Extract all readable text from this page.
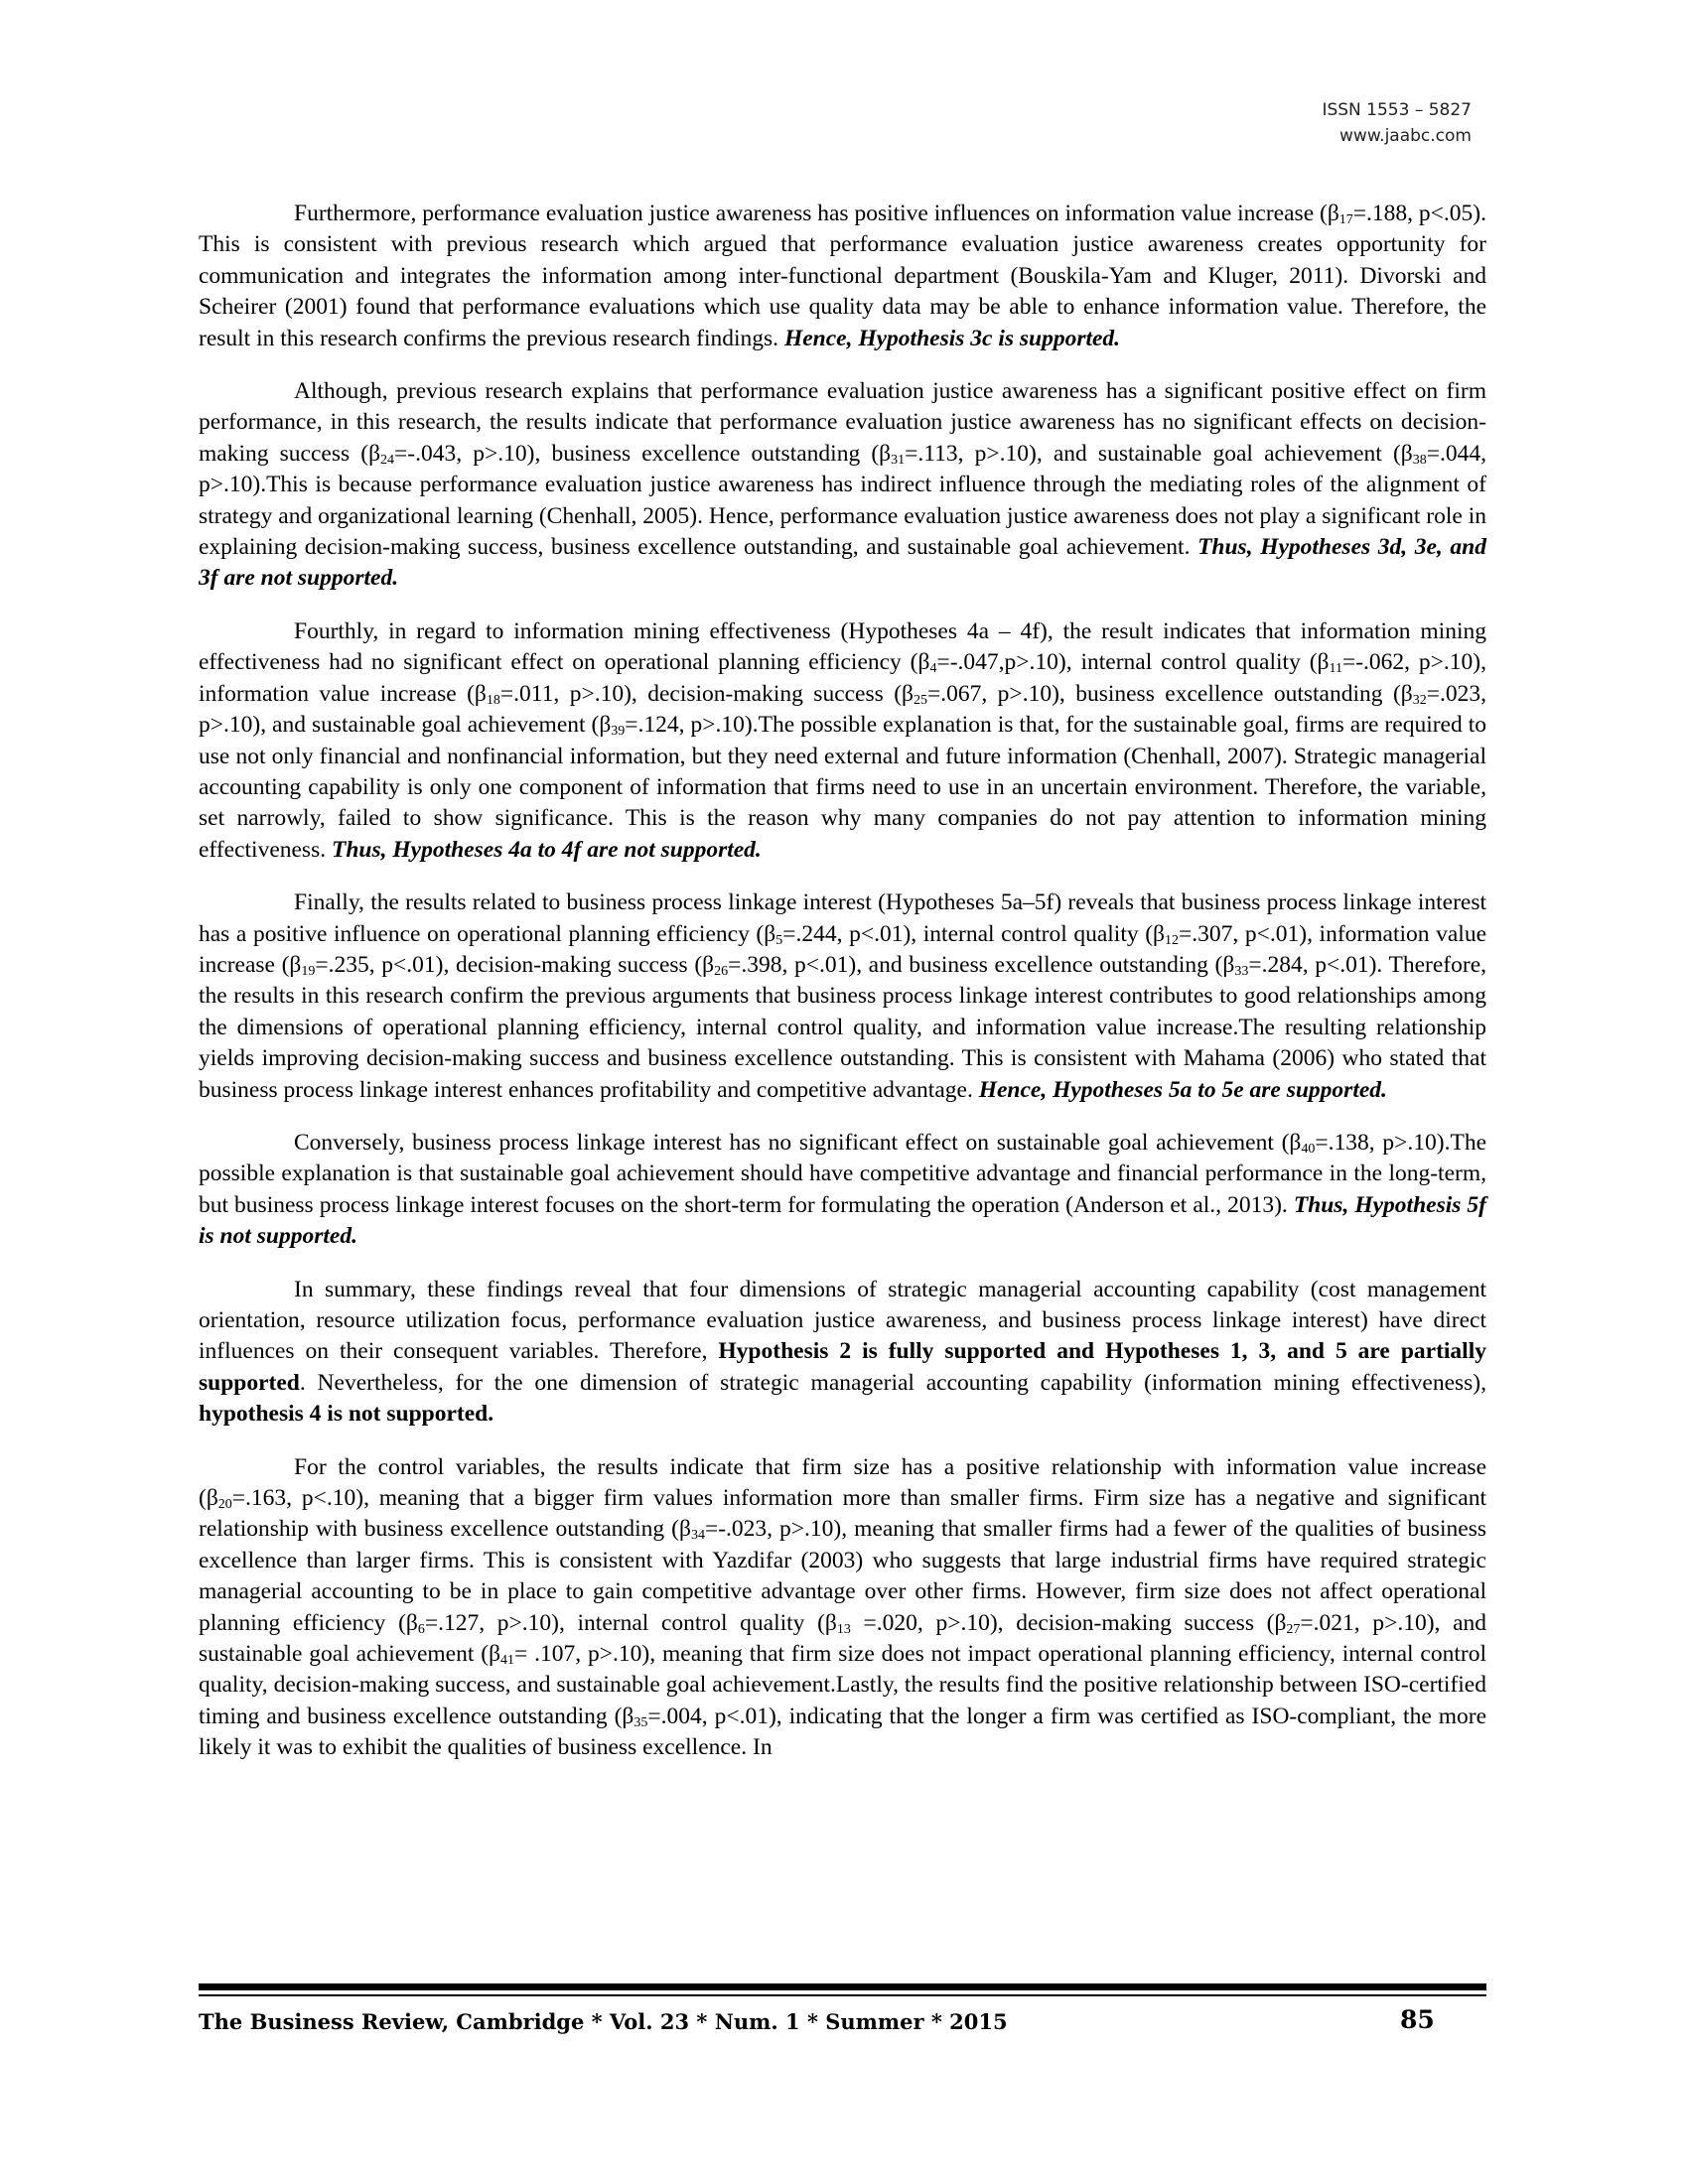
ISSN 1553 – 5827
www.jaabc.com

Furthermore, performance evaluation justice awareness has positive influences on information value increase ($\beta_{17}=.188$, p<.05). This is consistent with previous research which argued that performance evaluation justice awareness creates opportunity for communication and integrates the information among inter-functional department (Bouskila-Yam and Kluger, 2011). Divorski and Scheirer (2001) found that performance evaluations which use quality data may be able to enhance information value. Therefore, the result in this research confirms the previous research findings. Hence, Hypothesis 3c is supported.

Although, previous research explains that performance evaluation justice awareness has a significant positive effect on firm performance, in this research, the results indicate that performance evaluation justice awareness has no significant effects on decision-making success ($\beta_{24}=-.043$, p>.10), business excellence outstanding ($\beta_{31}=.113$, p>.10), and sustainable goal achievement ($\beta_{38}=.044$, p>.10).This is because performance evaluation justice awareness has indirect influence through the mediating roles of the alignment of strategy and organizational learning (Chenhall, 2005). Hence, performance evaluation justice awareness does not play a significant role in explaining decision-making success, business excellence outstanding, and sustainable goal achievement. Thus, Hypotheses 3d, 3e, and 3f are not supported.

Fourthly, in regard to information mining effectiveness (Hypotheses 4a – 4f), the result indicates that information mining effectiveness had no significant effect on operational planning efficiency $(\beta_4=-.047,p>.10)$, internal control quality ($\beta_{11}=-.062$, p>.10), information value increase ($\beta_{18}=.011$, p>.10), decision-making success ($\beta_{25}=.067$, p>.10), business excellence outstanding ($\beta_{32}=.023$, p>.10), and sustainable goal achievement ($\beta_{39}=.124$, p>.10).The possible explanation is that, for the sustainable goal, firms are required to use not only financial and nonfinancial information, but they need external and future information (Chenhall, 2007). Strategic managerial accounting capability is only one component of information that firms need to use in an uncertain environment. Therefore, the variable, set narrowly, failed to show significance. This is the reason why many companies do not pay attention to information mining effectiveness. Thus, Hypotheses 4a to 4f are not supported.

Finally, the results related to business process linkage interest (Hypotheses 5a–5f) reveals that business process linkage interest has a positive influence on operational planning efficiency ($\beta_5=.244$, p<.01), internal control quality ($\beta_{12}=.307$, p<.01), information value increase ($\beta_{19}=.235$, p<.01), decision-making success ($\beta_{26}=.398$, p<.01), and business excellence outstanding ($\beta_{33}=.284$, p<.01). Therefore, the results in this research confirm the previous arguments that business process linkage interest contributes to good relationships among the dimensions of operational planning efficiency, internal control quality, and information value increase.The resulting relationship yields improving decision-making success and business excellence outstanding. This is consistent with Mahama (2006) who stated that business process linkage interest enhances profitability and competitive advantage. Hence, Hypotheses 5a to 5e are supported.

Conversely, business process linkage interest has no significant effect on sustainable goal achievement ($\beta_{40}=.138$, p>.10).The possible explanation is that sustainable goal achievement should have competitive advantage and financial performance in the long-term, but business process linkage interest focuses on the short-term for formulating the operation (Anderson et al., 2013). Thus, Hypothesis 5f is not supported.

In summary, these findings reveal that four dimensions of strategic managerial accounting capability (cost management orientation, resource utilization focus, performance evaluation justice awareness, and business process linkage interest) have direct influences on their consequent variables. Therefore, Hypothesis 2 is fully supported and Hypotheses 1, 3, and 5 are partially supported. Nevertheless, for the one dimension of strategic managerial accounting capability (information mining effectiveness), hypothesis 4 is not supported.

For the control variables, the results indicate that firm size has a positive relationship with information value increase ($\beta_{20}=.163$, p<.10), meaning that a bigger firm values information more than smaller firms. Firm size has a negative and significant relationship with business excellence outstanding ($\beta_{34}=-.023$, p>.10), meaning that smaller firms had a fewer of the qualities of business excellence than larger firms. This is consistent with Yazdifar (2003) who suggests that large industrial firms have required strategic managerial accounting to be in place to gain competitive advantage over other firms. However, firm size does not affect operational planning efficiency ($\beta_6=.127$, p>.10), internal control quality ($\beta_{13} =.020$, p>.10), decision-making success ($\beta_{27}=.021$, p>.10), and sustainable goal achievement ($\beta_{41}= .107$, p>.10), meaning that firm size does not impact operational planning efficiency, internal control quality, decision-making success, and sustainable goal achievement.Lastly, the results find the positive relationship between ISO-certified timing and business excellence outstanding ($\beta_{35}=.004$, p<.01), indicating that the longer a firm was certified as ISO-compliant, the more likely it was to exhibit the qualities of business excellence. In

The Business Review, Cambridge * Vol. 23 * Num. 1 * Summer * 2015	85
